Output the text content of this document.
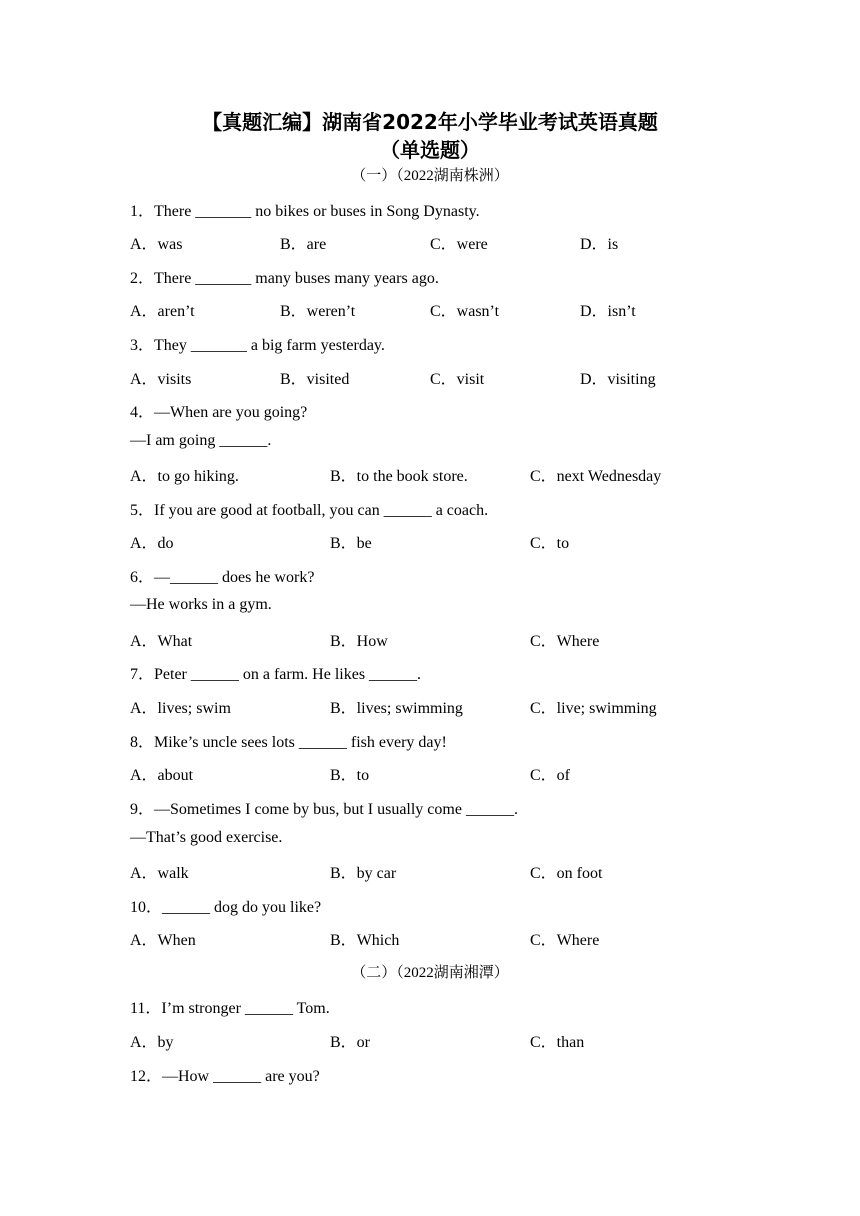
【真题汇编】湖南省2022年小学毕业考试英语真题
（单选题）
（一）（2022湖南株洲）
1．There _______ no bikes or buses in Song Dynasty.
A．was	B．are	C．were	D．is
2．There _______ many buses many years ago.
A．aren’t	B．weren’t	C．wasn’t	D．isn’t
3．They _______ a big farm yesterday.
A．visits	B．visited	C．visit	D．visiting
4．—When are you going?
—I am going ______.
A．to go hiking.	B．to the book store.	C．next Wednesday
5．If you are good at football, you can ______ a coach.
A．do	B．be	C．to
6．—______ does he work?
—He works in a gym.
A．What	B．How	C．Where
7．Peter ______ on a farm. He likes ______.
A．lives; swim	B．lives; swimming	C．live; swimming
8．Mike’s uncle sees lots ______ fish every day!
A．about	B．to	C．of
9．—Sometimes I come by bus, but I usually come ______.
—That’s good exercise.
A．walk	B．by car	C．on foot
10．______ dog do you like?
A．When	B．Which	C．Where
（二）（2022湖南湘潭）
11．I’m stronger ______ Tom.
A．by	B．or	C．than
12．—How ______ are you?
